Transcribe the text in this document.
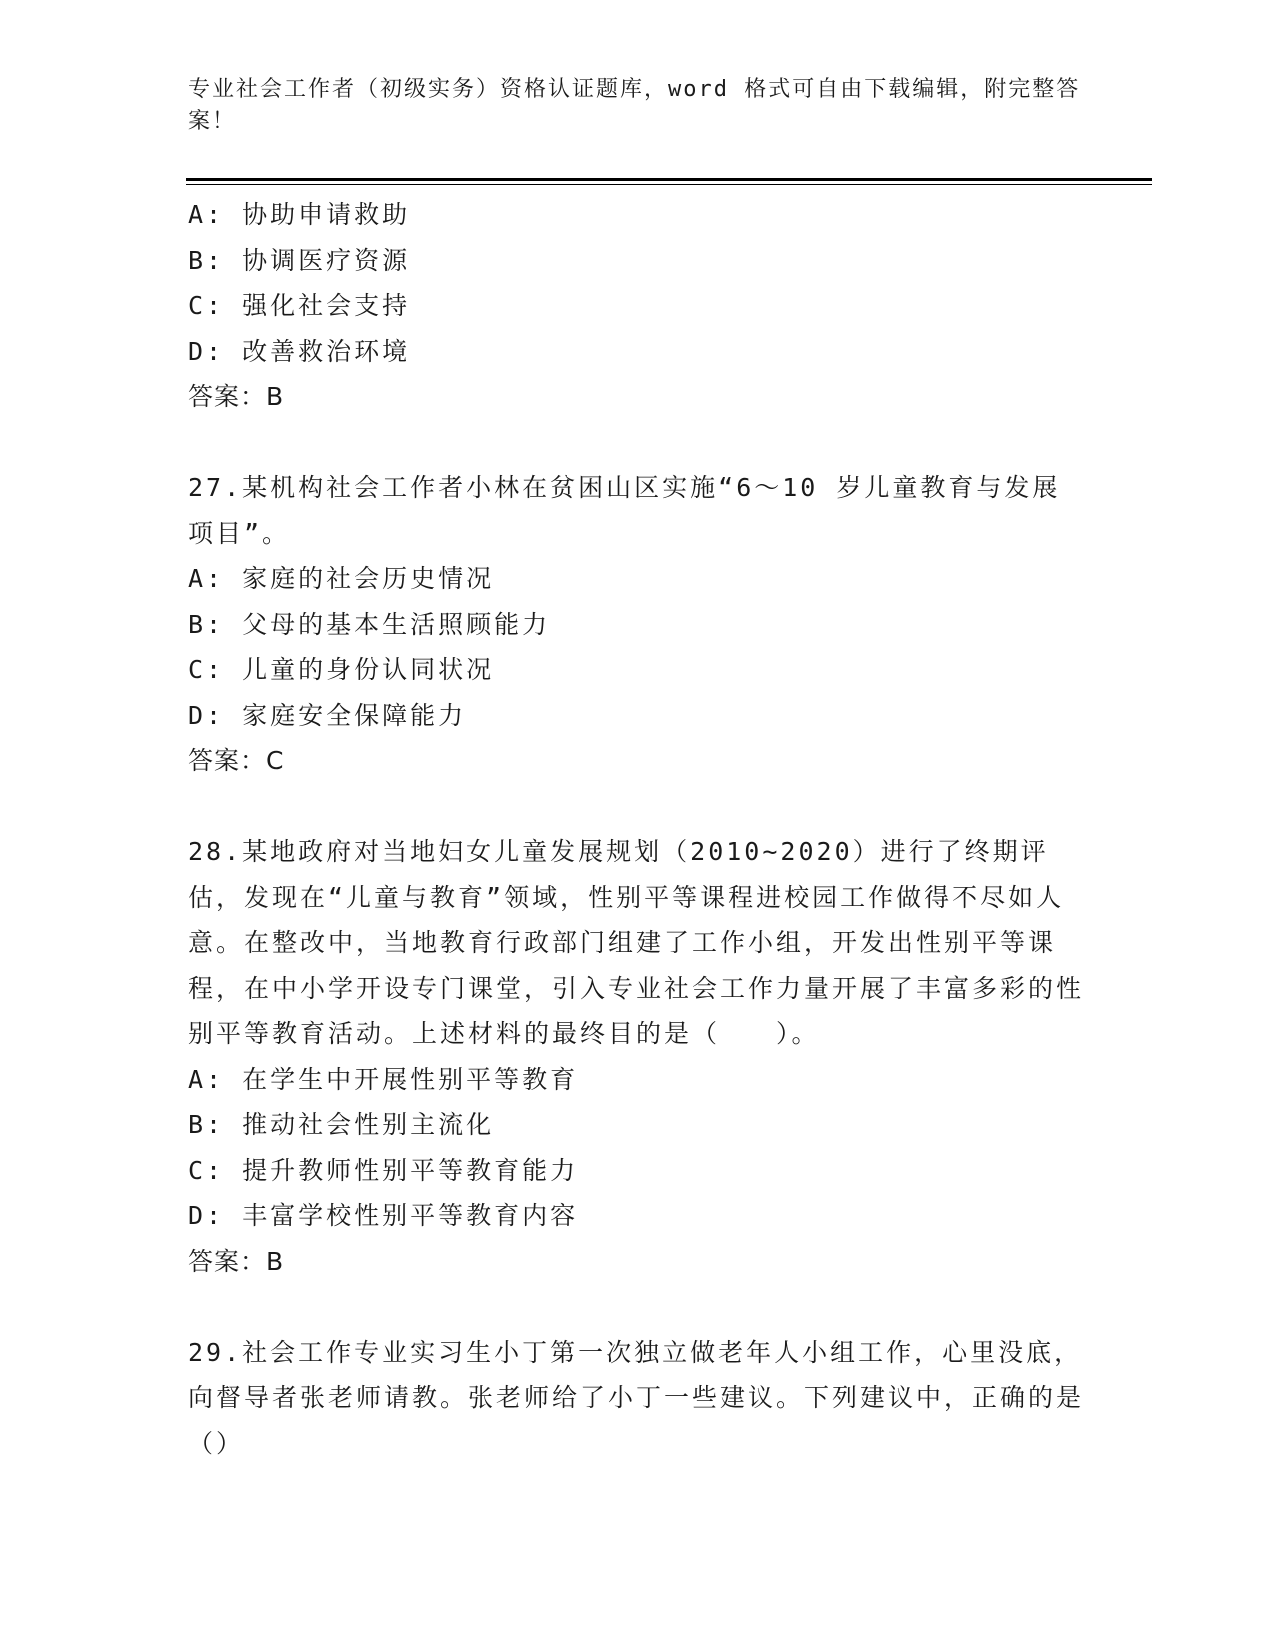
专业社会工作者（初级实务）资格认证题库，word 格式可自由下载编辑，附完整答案！

A: 协助申请救助

B: 协调医疗资源

C: 强化社会支持

D: 改善救治环境

答案：B

27.某机构社会工作者小林在贫困山区实施“6～10 岁儿童教育与发展项目”。

A: 家庭的社会历史情况

B: 父母的基本生活照顾能力

C: 儿童的身份认同状况

D: 家庭安全保障能力

答案：C

28.某地政府对当地妇女儿童发展规划（2010~2020）进行了终期评估，发现在“儿童与教育”领域，性别平等课程进校园工作做得不尽如人意。在整改中，当地教育行政部门组建了工作小组，开发出性别平等课程，在中小学开设专门课堂，引入专业社会工作力量开展了丰富多彩的性别平等教育活动。上述材料的最终目的是（　　）。

A: 在学生中开展性别平等教育

B: 推动社会性别主流化

C: 提升教师性别平等教育能力

D: 丰富学校性别平等教育内容

答案：B

29.社会工作专业实习生小丁第一次独立做老年人小组工作，心里没底，向督导者张老师请教。张老师给了小丁一些建议。下列建议中，正确的是（）
